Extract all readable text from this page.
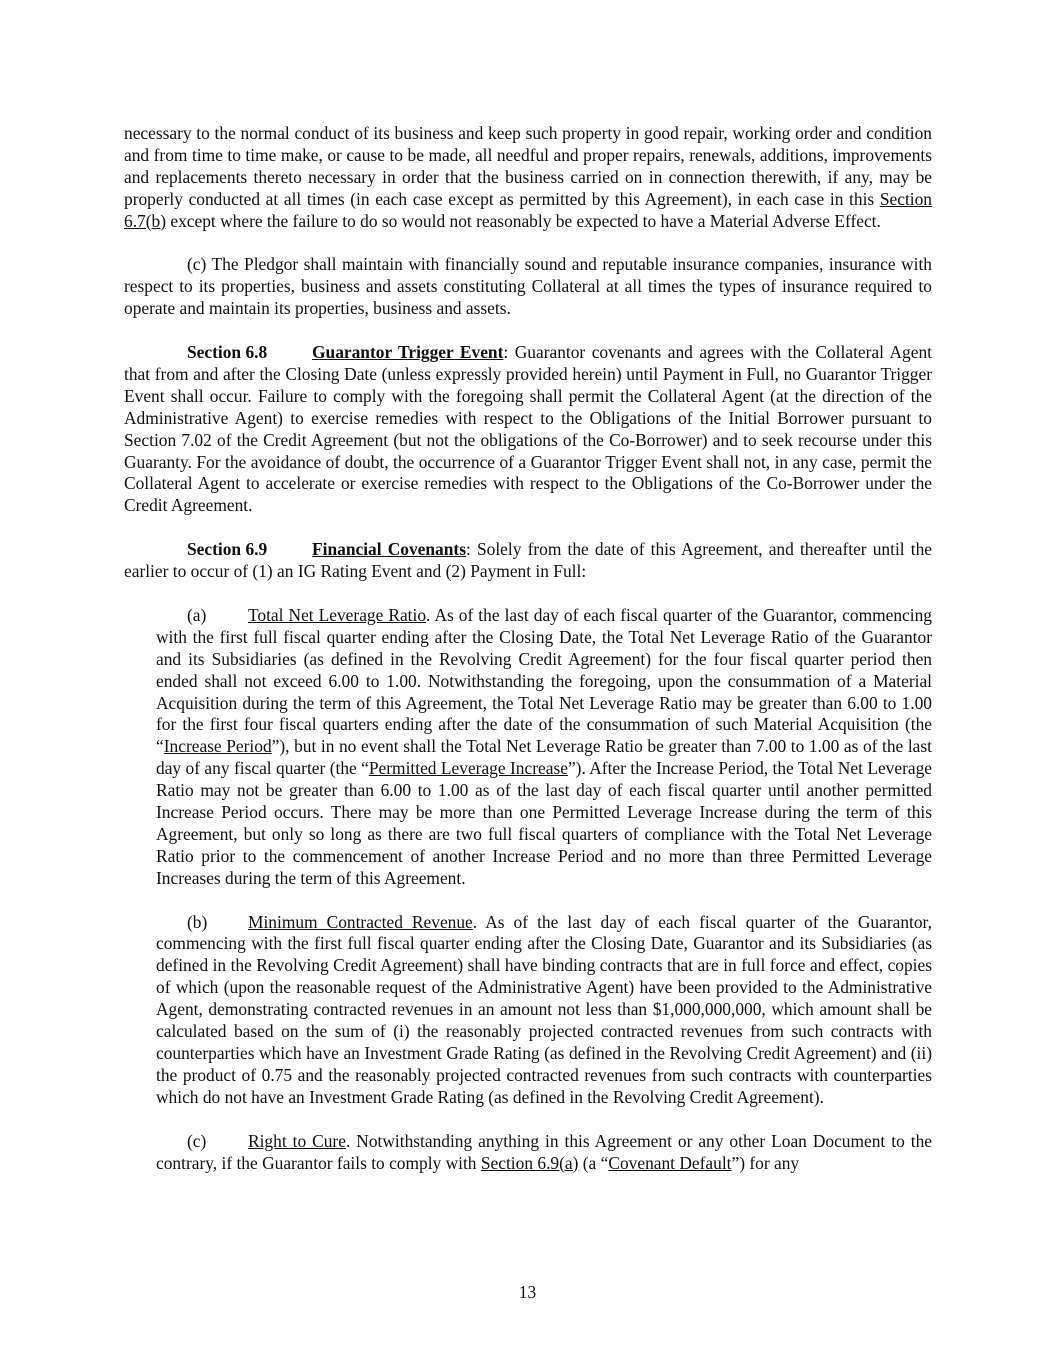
necessary to the normal conduct of its business and keep such property in good repair, working order and condition and from time to time make, or cause to be made, all needful and proper repairs, renewals, additions, improvements and replacements thereto necessary in order that the business carried on in connection therewith, if any, may be properly conducted at all times (in each case except as permitted by this Agreement), in each case in this Section 6.7(b) except where the failure to do so would not reasonably be expected to have a Material Adverse Effect.

(c) The Pledgor shall maintain with financially sound and reputable insurance companies, insurance with respect to its properties, business and assets constituting Collateral at all times the types of insurance required to operate and maintain its properties, business and assets.

Section 6.8	Guarantor Trigger Event: Guarantor covenants and agrees with the Collateral Agent that from and after the Closing Date (unless expressly provided herein) until Payment in Full, no Guarantor Trigger Event shall occur. Failure to comply with the foregoing shall permit the Collateral Agent (at the direction of the Administrative Agent) to exercise remedies with respect to the Obligations of the Initial Borrower pursuant to Section 7.02 of the Credit Agreement (but not the obligations of the Co-Borrower) and to seek recourse under this Guaranty. For the avoidance of doubt, the occurrence of a Guarantor Trigger Event shall not, in any case, permit the Collateral Agent to accelerate or exercise remedies with respect to the Obligations of the Co-Borrower under the Credit Agreement.

Section 6.9	Financial Covenants: Solely from the date of this Agreement, and thereafter until the earlier to occur of (1) an IG Rating Event and (2) Payment in Full:

(a) Total Net Leverage Ratio. As of the last day of each fiscal quarter of the Guarantor, commencing with the first full fiscal quarter ending after the Closing Date, the Total Net Leverage Ratio of the Guarantor and its Subsidiaries (as defined in the Revolving Credit Agreement) for the four fiscal quarter period then ended shall not exceed 6.00 to 1.00. Notwithstanding the foregoing, upon the consummation of a Material Acquisition during the term of this Agreement, the Total Net Leverage Ratio may be greater than 6.00 to 1.00 for the first four fiscal quarters ending after the date of the consummation of such Material Acquisition (the “Increase Period”), but in no event shall the Total Net Leverage Ratio be greater than 7.00 to 1.00 as of the last day of any fiscal quarter (the “Permitted Leverage Increase”). After the Increase Period, the Total Net Leverage Ratio may not be greater than 6.00 to 1.00 as of the last day of each fiscal quarter until another permitted Increase Period occurs. There may be more than one Permitted Leverage Increase during the term of this Agreement, but only so long as there are two full fiscal quarters of compliance with the Total Net Leverage Ratio prior to the commencement of another Increase Period and no more than three Permitted Leverage Increases during the term of this Agreement.

(b) Minimum Contracted Revenue. As of the last day of each fiscal quarter of the Guarantor, commencing with the first full fiscal quarter ending after the Closing Date, Guarantor and its Subsidiaries (as defined in the Revolving Credit Agreement) shall have binding contracts that are in full force and effect, copies of which (upon the reasonable request of the Administrative Agent) have been provided to the Administrative Agent, demonstrating contracted revenues in an amount not less than $1,000,000,000, which amount shall be calculated based on the sum of (i) the reasonably projected contracted revenues from such contracts with counterparties which have an Investment Grade Rating (as defined in the Revolving Credit Agreement) and (ii) the product of 0.75 and the reasonably projected contracted revenues from such contracts with counterparties which do not have an Investment Grade Rating (as defined in the Revolving Credit Agreement).

(c) Right to Cure. Notwithstanding anything in this Agreement or any other Loan Document to the contrary, if the Guarantor fails to comply with Section 6.9(a) (a “Covenant Default”) for any

13
